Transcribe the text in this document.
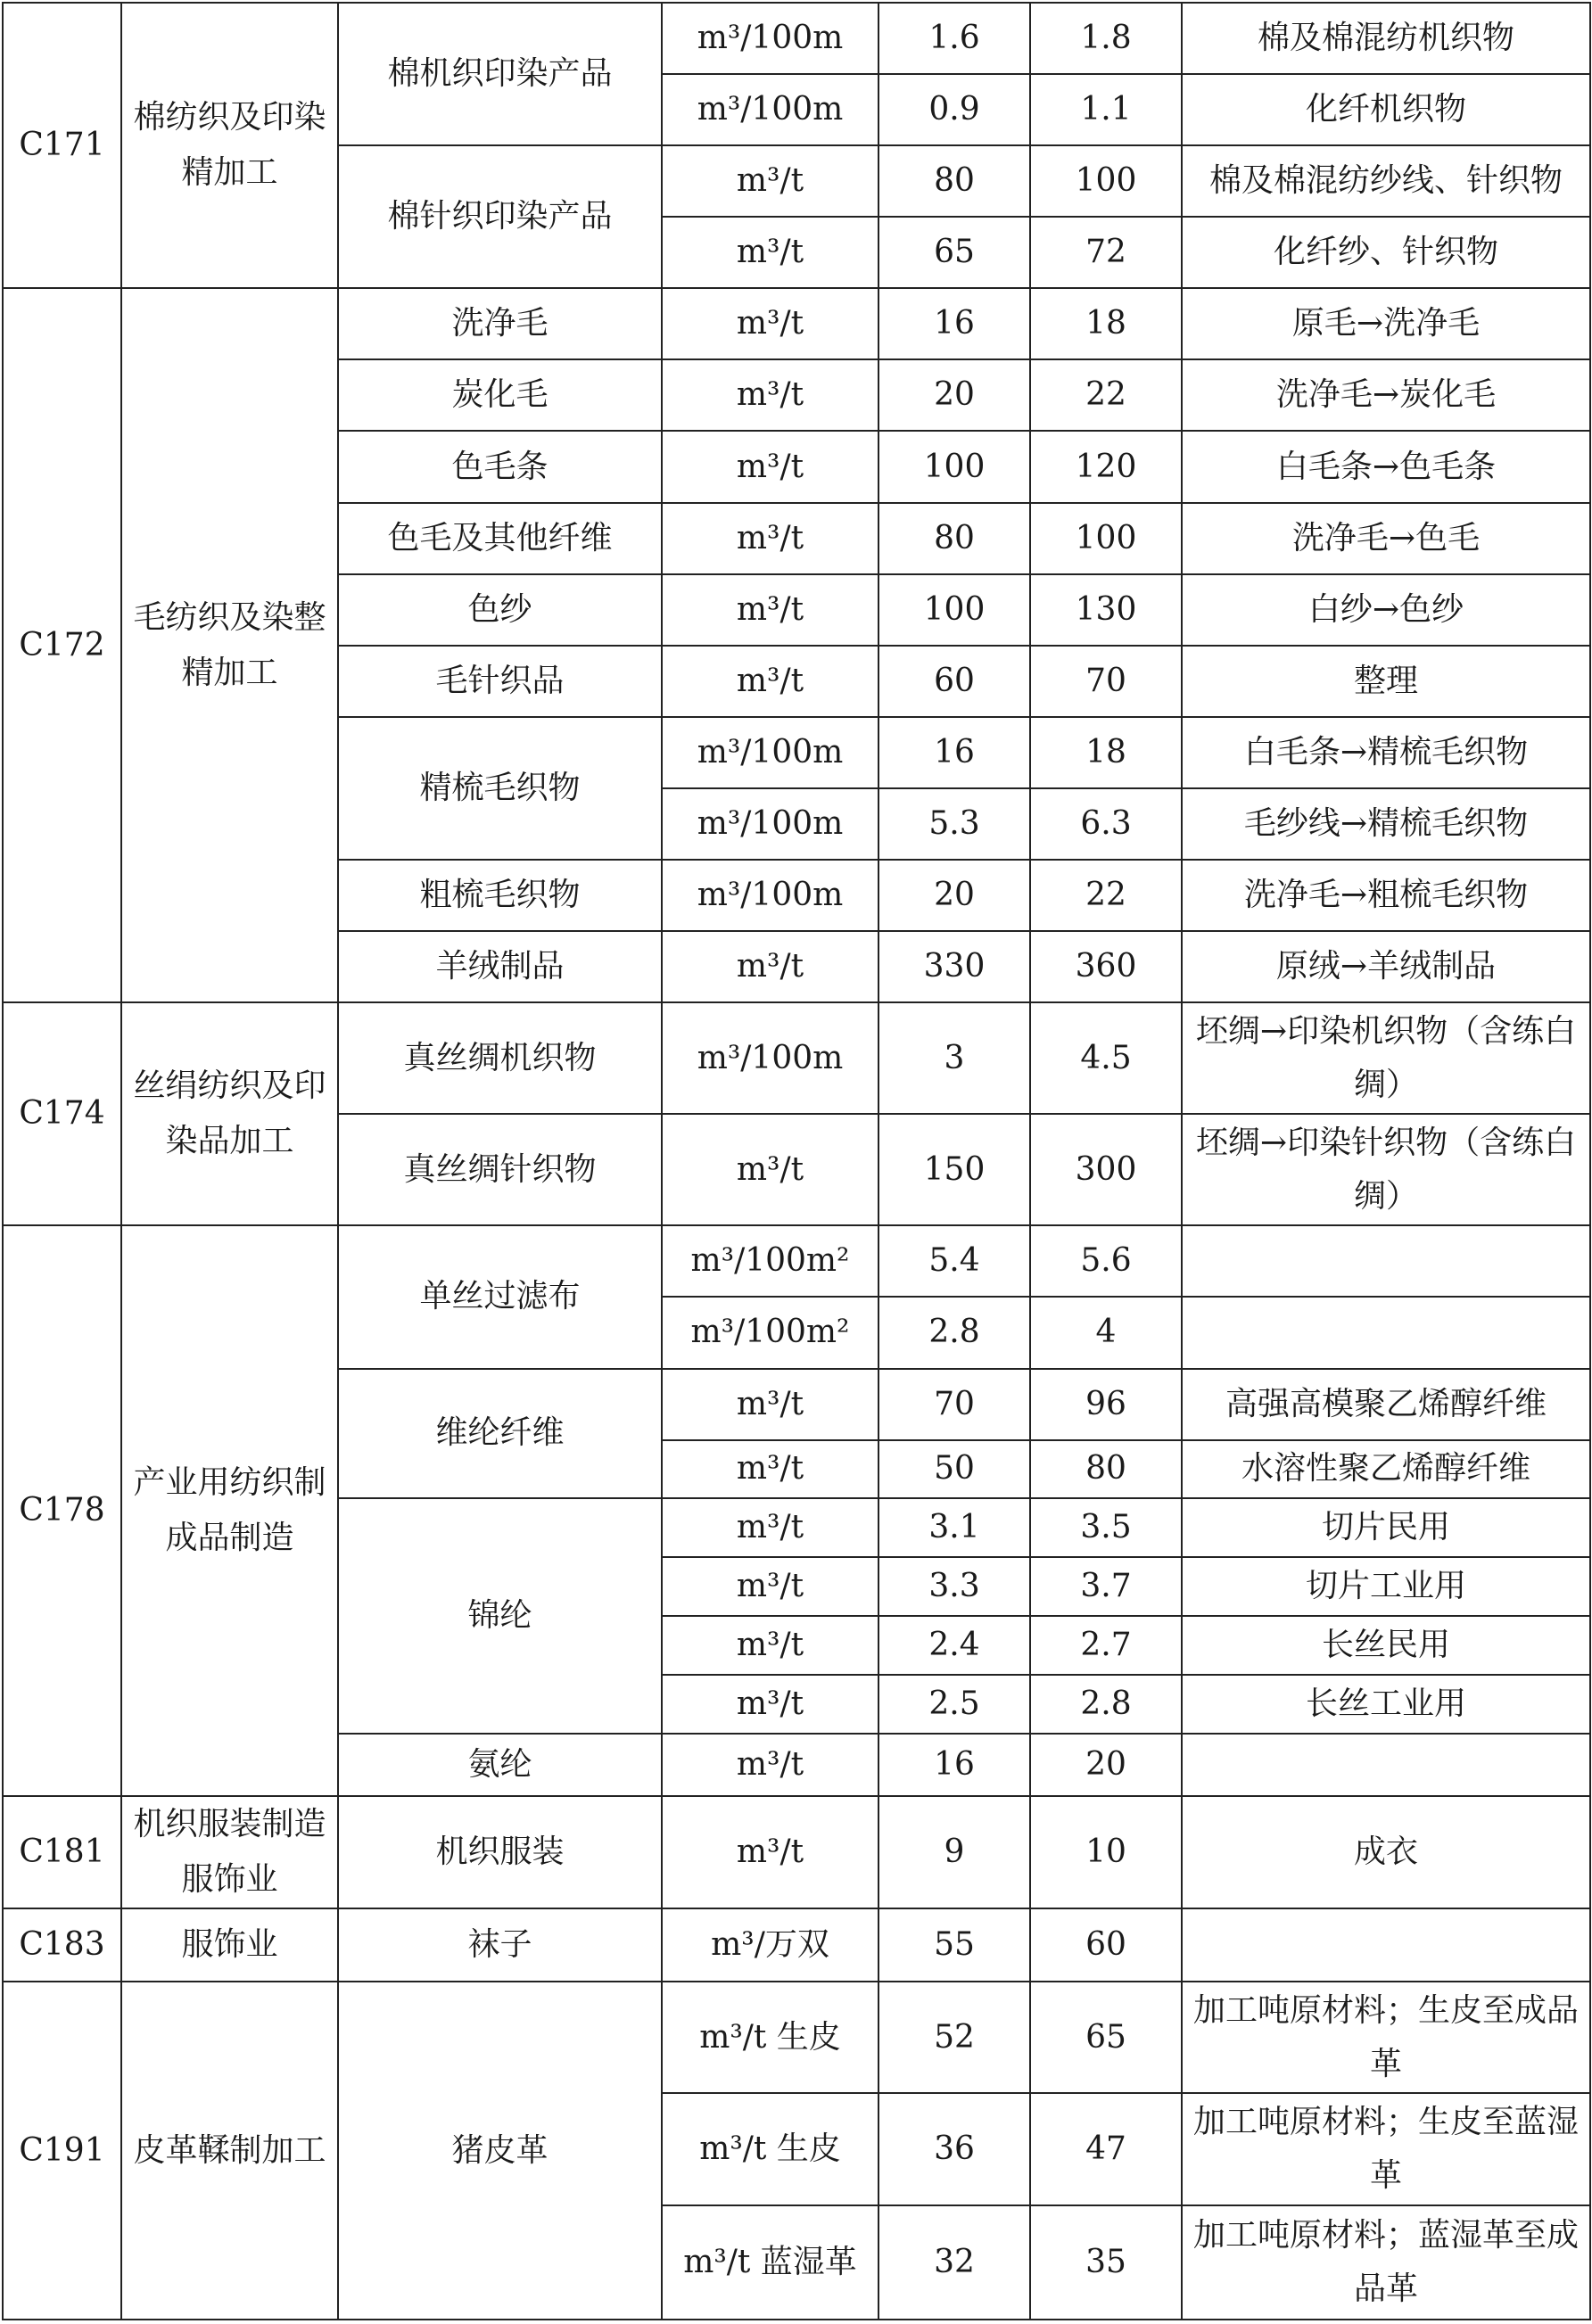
C171	棉纺织及印染精加工	棉机织印染产品	m³/100m	1.6	1.8	棉及棉混纺机织物
			m³/100m	0.9	1.1	化纤机织物
		棉针织印染产品	m³/t	80	100	棉及棉混纺纱线、针织物
			m³/t	65	72	化纤纱、针织物
C172	毛纺织及染整精加工	洗净毛	m³/t	16	18	原毛→洗净毛
		炭化毛	m³/t	20	22	洗净毛→炭化毛
		色毛条	m³/t	100	120	白毛条→色毛条
		色毛及其他纤维	m³/t	80	100	洗净毛→色毛
		色纱	m³/t	100	130	白纱→色纱
		毛针织品	m³/t	60	70	整理
		精梳毛织物	m³/100m	16	18	白毛条→精梳毛织物
			m³/100m	5.3	6.3	毛纱线→精梳毛织物
		粗梳毛织物	m³/100m	20	22	洗净毛→粗梳毛织物
		羊绒制品	m³/t	330	360	原绒→羊绒制品
C174	丝绢纺织及印染品加工	真丝绸机织物	m³/100m	3	4.5	坯绸→印染机织物（含练白绸）
		真丝绸针织物	m³/t	150	300	坯绸→印染针织物（含练白绸）
C178	产业用纺织制成品制造	单丝过滤布	m³/100m²	5.4	5.6	
			m³/100m²	2.8	4	
		维纶纤维	m³/t	70	96	高强高模聚乙烯醇纤维
			m³/t	50	80	水溶性聚乙烯醇纤维
		锦纶	m³/t	3.1	3.5	切片民用
			m³/t	3.3	3.7	切片工业用
			m³/t	2.4	2.7	长丝民用
			m³/t	2.5	2.8	长丝工业用
		氨纶	m³/t	16	20	
C181	机织服装制造服饰业	机织服装	m³/t	9	10	成衣
C183	服饰业	袜子	m³/万双	55	60	
C191	皮革鞣制加工	猪皮革	m³/t 生皮	52	65	加工吨原材料；生皮至成品革
			m³/t 生皮	36	47	加工吨原材料；生皮至蓝湿革
			m³/t 蓝湿革	32	35	加工吨原材料；蓝湿革至成品革
